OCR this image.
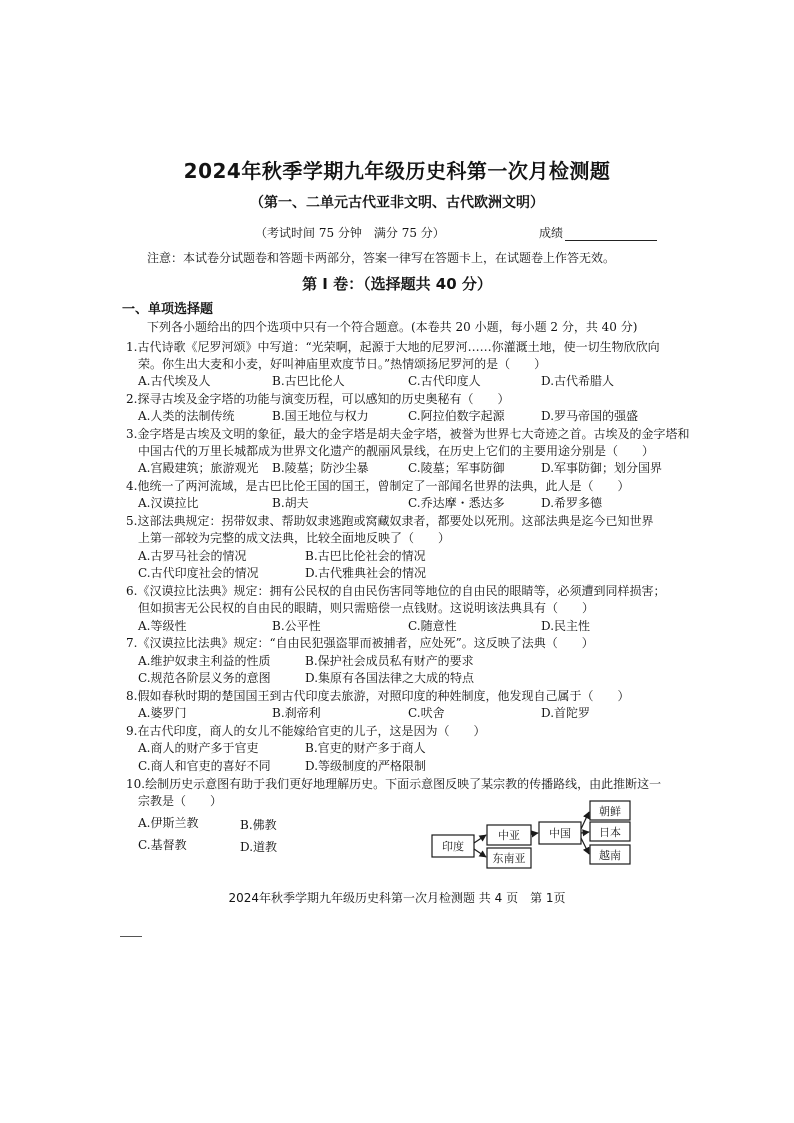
2024年秋季学期九年级历史科第一次月检测题
（第一、二单元古代亚非文明、古代欧洲文明）
（考试时间 75 分钟　满分 75 分）	成绩
注意：本试卷分试题卷和答题卡两部分，答案一律写在答题卡上，在试题卷上作答无效。
第 I 卷：（选择题共 40 分）
一、单项选择题
下列各小题给出的四个选项中只有一个符合题意。(本卷共 20 小题，每小题 2 分，共 40 分)
1.古代诗歌《尼罗河颂》中写道：“光荣啊，起源于大地的尼罗河……你灌溉土地，使一切生物欣欣向
　荣。你生出大麦和小麦，好叫神庙里欢度节日。”热情颂扬尼罗河的是（　　）
A.古代埃及人	B.古巴比伦人	C.古代印度人	D.古代希腊人
2.探寻古埃及金字塔的功能与演变历程，可以感知的历史奥秘有（　　）
A.人类的法制传统	B.国王地位与权力	C.阿拉伯数字起源	D.罗马帝国的强盛
3.金字塔是古埃及文明的象征，最大的金字塔是胡夫金字塔，被誉为世界七大奇迹之首。古埃及的金字塔和
　中国古代的万里长城都成为世界文化遗产的靓丽风景线，在历史上它们的主要用途分别是（　　）
A.宫殿建筑；旅游观光 B.陵墓；防沙尘暴	C.陵墓；军事防御	D.军事防御；划分国界
4.他统一了两河流域，是古巴比伦王国的国王，曾制定了一部闻名世界的法典，此人是（　　）
A.汉谟拉比	B.胡夫	C.乔达摩・悉达多	D.希罗多德
5.这部法典规定：拐带奴隶、帮助奴隶逃跑或窝藏奴隶者，都要处以死刑。这部法典是迄今已知世界
　上第一部较为完整的成文法典，比较全面地反映了（　　）
A.古罗马社会的情况	B.古巴比伦社会的情况
C.古代印度社会的情况	D.古代雅典社会的情况
6.《汉谟拉比法典》规定：拥有公民权的自由民伤害同等地位的自由民的眼睛等，必须遭到同样损害；
　但如损害无公民权的自由民的眼睛，则只需赔偿一点钱财。这说明该法典具有（　　）
A.等级性	B.公平性	C.随意性	D.民主性
7.《汉谟拉比法典》规定：“自由民犯强盗罪而被捕者，应处死”。这反映了法典（　　）
A.维护奴隶主利益的性质	B.保护社会成员私有财产的要求
C.规范各阶层义务的意图	D.集原有各国法律之大成的特点
8.假如春秋时期的楚国国王到古代印度去旅游，对照印度的种姓制度，他发现自己属于（　　）
A.婆罗门	B.刹帝利	C.吠舍	D.首陀罗
9.在古代印度，商人的女儿不能嫁给官吏的儿子，这是因为（　　）
A.商人的财产多于官吏	B.官吏的财产多于商人
C.商人和官吏的喜好不同	D.等级制度的严格限制
10.绘制历史示意图有助于我们更好地理解历史。下面示意图反映了某宗教的传播路线，由此推断这一
　宗教是（　　）
A.伊斯兰教	B.佛教
C.基督教	D.道教	印度
中亚
东南亚
中国
朝鲜
日本
越南
2024年秋季学期九年级历史科第一次月检测题 共 4 页　第 1页
